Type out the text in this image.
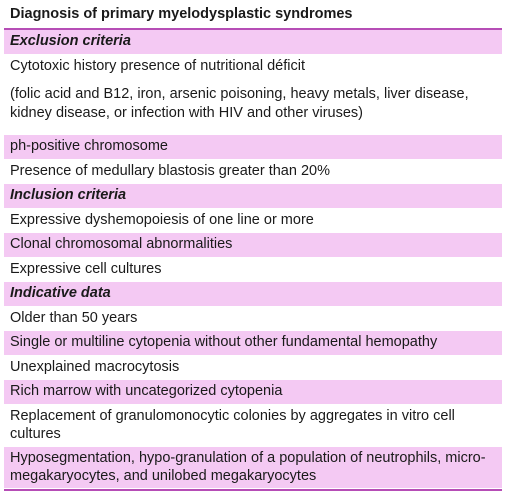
Diagnosis of primary myelodysplastic syndromes
Exclusion criteria
Cytotoxic history presence of nutritional déficit
(folic acid and B12, iron, arsenic poisoning, heavy metals, liver disease, kidney disease, or infection with HIV and other viruses)
ph-positive chromosome
Presence of medullary blastosis greater than 20%
Inclusion criteria
Expressive dyshemopoiesis of one line or more
Clonal chromosomal abnormalities
Expressive cell cultures
Indicative data
Older than 50 years
Single or multiline cytopenia without other fundamental hemopathy
Unexplained macrocytosis
Rich marrow with uncategorized cytopenia
Replacement of granulomonocytic colonies by aggregates in vitro cell cultures
Hyposegmentation, hypo-granulation of a population of neutrophils, micro-megakaryocytes, and unilobed megakaryocytes
